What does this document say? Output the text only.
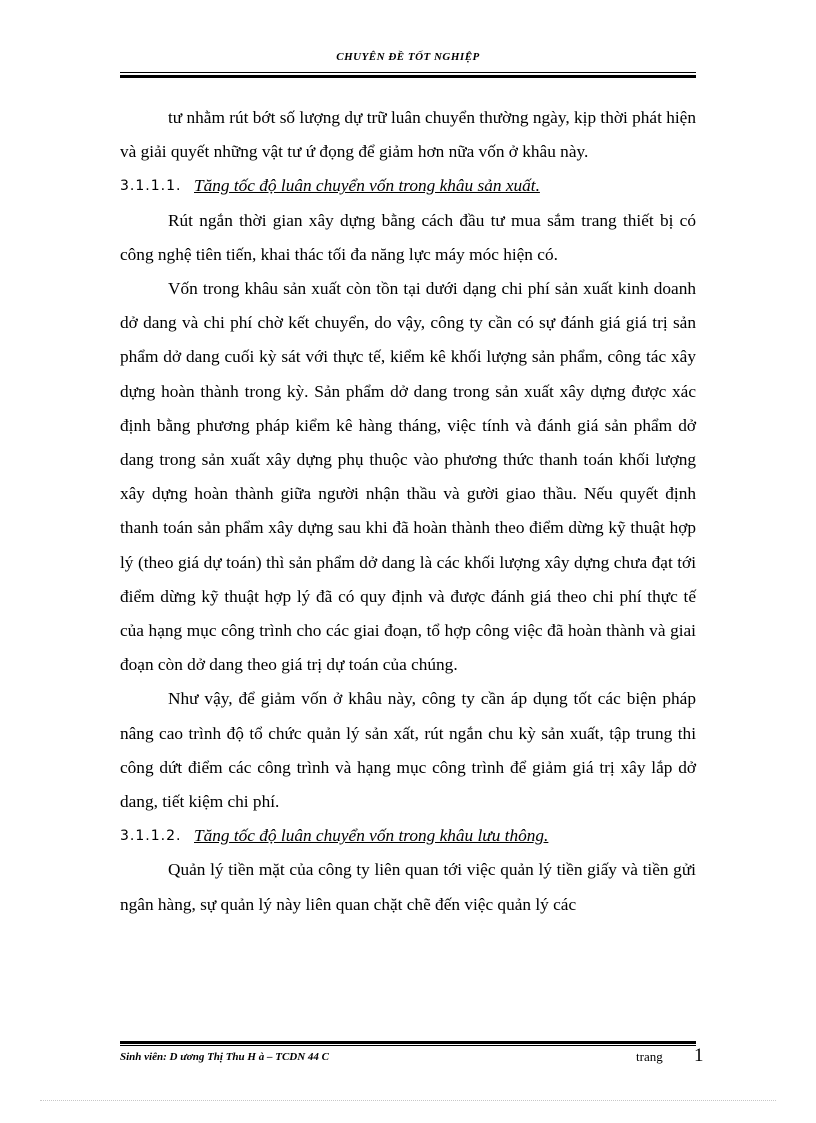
CHUYÊN ĐỀ TỐT NGHIỆP

tư nhằm rút bớt số lượng dự trữ luân chuyển thường ngày, kịp thời phát hiện và giải quyết những vật tư ứ đọng để giảm hơn nữa vốn ở khâu này.

3.1.1.1. Tăng tốc độ luân chuyển vốn trong khâu sản xuất.

Rút ngắn thời gian xây dựng bằng cách đầu tư mua sắm trang thiết bị có công nghệ tiên tiến, khai thác tối đa năng lực máy móc hiện có.

Vốn trong khâu sản xuất còn tồn tại dưới dạng chi phí sản xuất kinh doanh dở dang và chi phí chờ kết chuyển, do vậy, công ty cần có sự đánh giá giá trị sản phẩm dở dang cuối kỳ sát với thực tế, kiểm kê khối lượng sản phẩm, công tác xây dựng hoàn thành trong kỳ. Sản phẩm dở dang trong sản xuất xây dựng được xác định bằng phương pháp kiểm kê hàng tháng, việc tính và đánh giá sản phẩm dở dang trong sản xuất xây dựng phụ thuộc vào phương thức thanh toán khối lượng xây dựng hoàn thành giữa người nhận thầu và gười giao thầu. Nếu quyết định thanh toán sản phẩm xây dựng sau khi đã hoàn thành theo điểm dừng kỹ thuật hợp lý (theo giá dự toán) thì sản phẩm dở dang là các khối lượng xây dựng chưa đạt tới điểm dừng kỹ thuật hợp lý đã có quy định và được đánh giá theo chi phí thực tế của hạng mục công trình cho các giai đoạn, tổ hợp công việc đã hoàn thành và giai đoạn còn dở dang theo giá trị dự toán của chúng.

Như vậy, để giảm vốn ở khâu này, công ty cần áp dụng tốt các biện pháp nâng cao trình độ tổ chức quản lý sản xất, rút ngắn chu kỳ sản xuất, tập trung thi công dứt điểm các công trình và hạng mục công trình để giảm giá trị xây lắp dở dang, tiết kiệm chi phí.

3.1.1.2. Tăng tốc độ luân chuyển vốn trong khâu lưu thông.

Quản lý tiền mặt của công ty liên quan tới việc quản lý tiền giấy và tiền gửi ngân hàng, sự quản lý này liên quan chặt chẽ đến việc quản lý các

Sinh viên: D ương Thị Thu H à – TCDN 44 C	trang 1
